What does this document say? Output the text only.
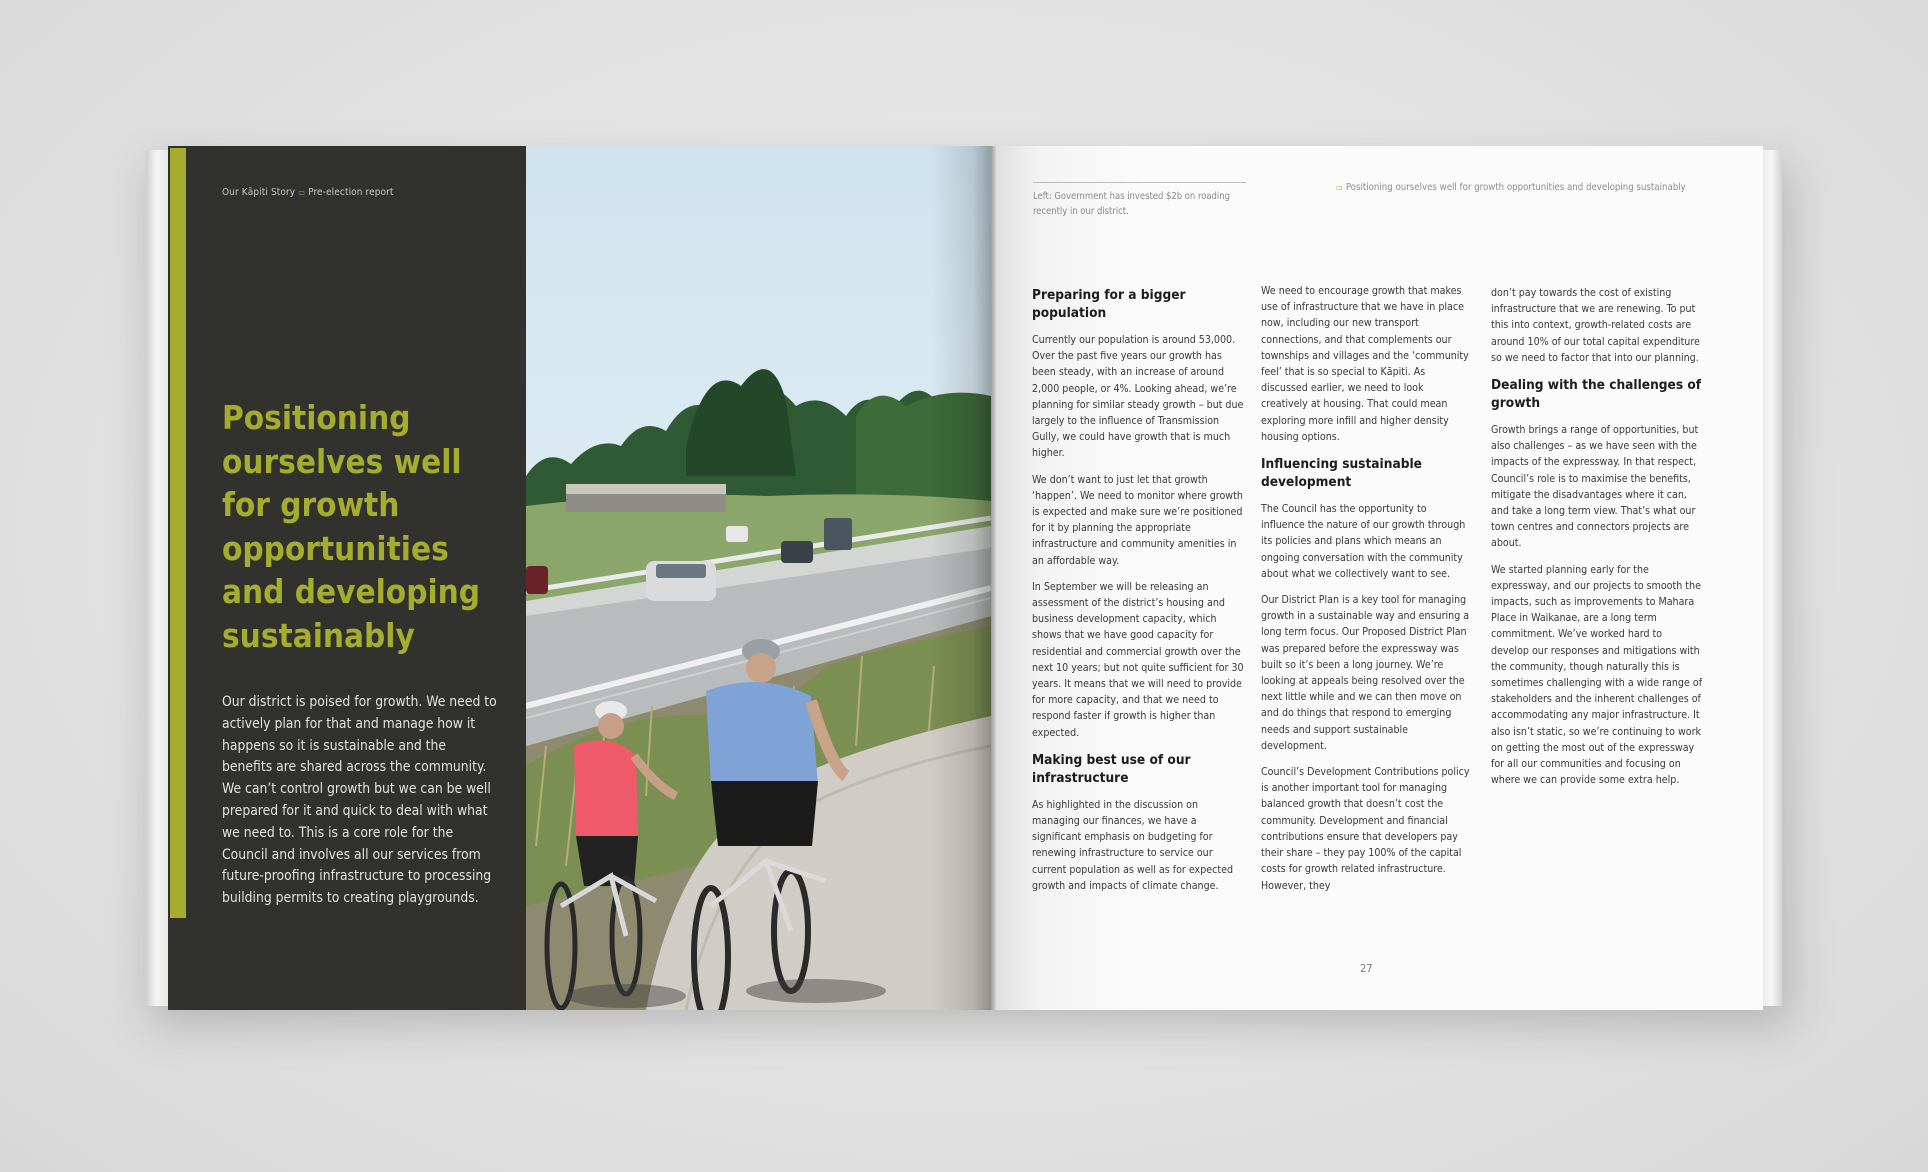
Our Kāpiti Story ▭ Pre-election report
Positioning
ourselves well
for growth
opportunities
and developing
sustainably
Our district is poised for growth. We need to actively plan for that and manage how it happens so it is sustainable and the benefits are shared across the community. We can’t control growth but we can be well prepared for it and quick to deal with what we need to. This is a core role for the Council and involves all our services from future-proofing infrastructure to processing building permits to creating playgrounds.
Left: Government has invested $2b on roading recently in our district.
▭ Positioning ourselves well for growth opportunities and developing sustainably
Preparing for a bigger population

Currently our population is around 53,000. Over the past five years our growth has been steady, with an increase of around 2,000 people, or 4%. Looking ahead, we’re planning for similar steady growth – but due largely to the influence of Transmission Gully, we could have growth that is much higher.

We don’t want to just let that growth ‘happen’. We need to monitor where growth is expected and make sure we’re positioned for it by planning the appropriate infrastructure and community amenities in an affordable way.

In September we will be releasing an assessment of the district’s housing and business development capacity, which shows that we have good capacity for residential and commercial growth over the next 10 years; but not quite sufficient for 30 years. It means that we will need to provide for more capacity, and that we need to respond faster if growth is higher than expected.

Making best use of our infrastructure

As highlighted in the discussion on managing our finances, we have a significant emphasis on budgeting for renewing infrastructure to service our current population as well as for expected growth and impacts of climate change.

We need to encourage growth that makes use of infrastructure that we have in place now, including our new transport connections, and that complements our townships and villages and the ‘community feel’ that is so special to Kāpiti. As discussed earlier, we need to look creatively at housing. That could mean exploring more infill and higher density housing options.

Influencing sustainable development

The Council has the opportunity to influence the nature of our growth through its policies and plans which means an ongoing conversation with the community about what we collectively want to see.

Our District Plan is a key tool for managing growth in a sustainable way and ensuring a long term focus. Our Proposed District Plan was prepared before the expressway was built so it’s been a long journey. We’re looking at appeals being resolved over the next little while and we can then move on and do things that respond to emerging needs and support sustainable development.

Council’s Development Contributions policy is another important tool for managing balanced growth that doesn’t cost the community. Development and financial contributions ensure that developers pay their share – they pay 100% of the capital costs for growth related infrastructure. However, they

don’t pay towards the cost of existing infrastructure that we are renewing. To put this into context, growth-related costs are around 10% of our total capital expenditure so we need to factor that into our planning.

Dealing with the challenges of growth

Growth brings a range of opportunities, but also challenges – as we have seen with the impacts of the expressway. In that respect, Council’s role is to maximise the benefits, mitigate the disadvantages where it can, and take a long term view. That’s what our town centres and connectors projects are about.

We started planning early for the expressway, and our projects to smooth the impacts, such as improvements to Mahara Place in Waikanae, are a long term commitment. We’ve worked hard to develop our responses and mitigations with the community, though naturally this is sometimes challenging with a wide range of stakeholders and the inherent challenges of accommodating any major infrastructure. It also isn’t static, so we’re continuing to work on getting the most out of the expressway for all our communities and focusing on where we can provide some extra help.

27
